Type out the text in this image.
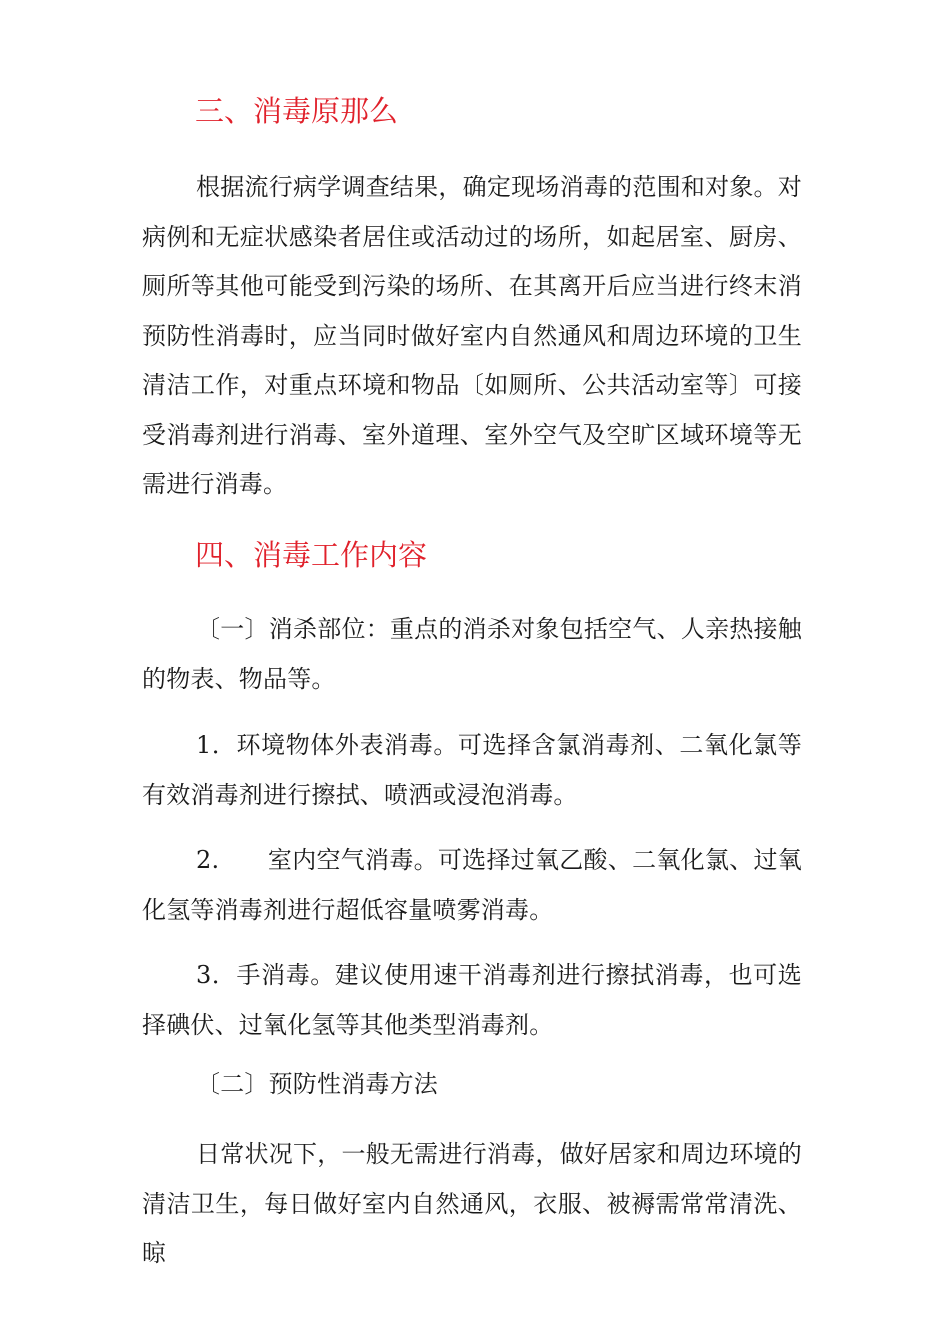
三、消毒原那么

根据流行病学调查结果，确定现场消毒的范围和对象。对病例和无症状感染者居住或活动过的场所，如起居室、厨房、厕所等其他可能受到污染的场所、在其离开后应当进行终末消预防性消毒时，应当同时做好室内自然通风和周边环境的卫生清洁工作，对重点环境和物品〔如厕所、公共活动室等〕可接受消毒剂进行消毒、室外道理、室外空气及空旷区域环境等无需进行消毒。

四、消毒工作内容

〔一〕消杀部位：重点的消杀对象包括空气、人亲热接触的物表、物品等。

1．环境物体外表消毒。可选择含氯消毒剂、二氧化氯等有效消毒剂进行擦拭、喷洒或浸泡消毒。

2.　　室内空气消毒。可选择过氧乙酸、二氧化氯、过氧化氢等消毒剂进行超低容量喷雾消毒。

3．手消毒。建议使用速干消毒剂进行擦拭消毒，也可选择碘伏、过氧化氢等其他类型消毒剂。

〔二〕预防性消毒方法

日常状况下，一般无需进行消毒，做好居家和周边环境的清洁卫生，每日做好室内自然通风，衣服、被褥需常常清洗、晾
